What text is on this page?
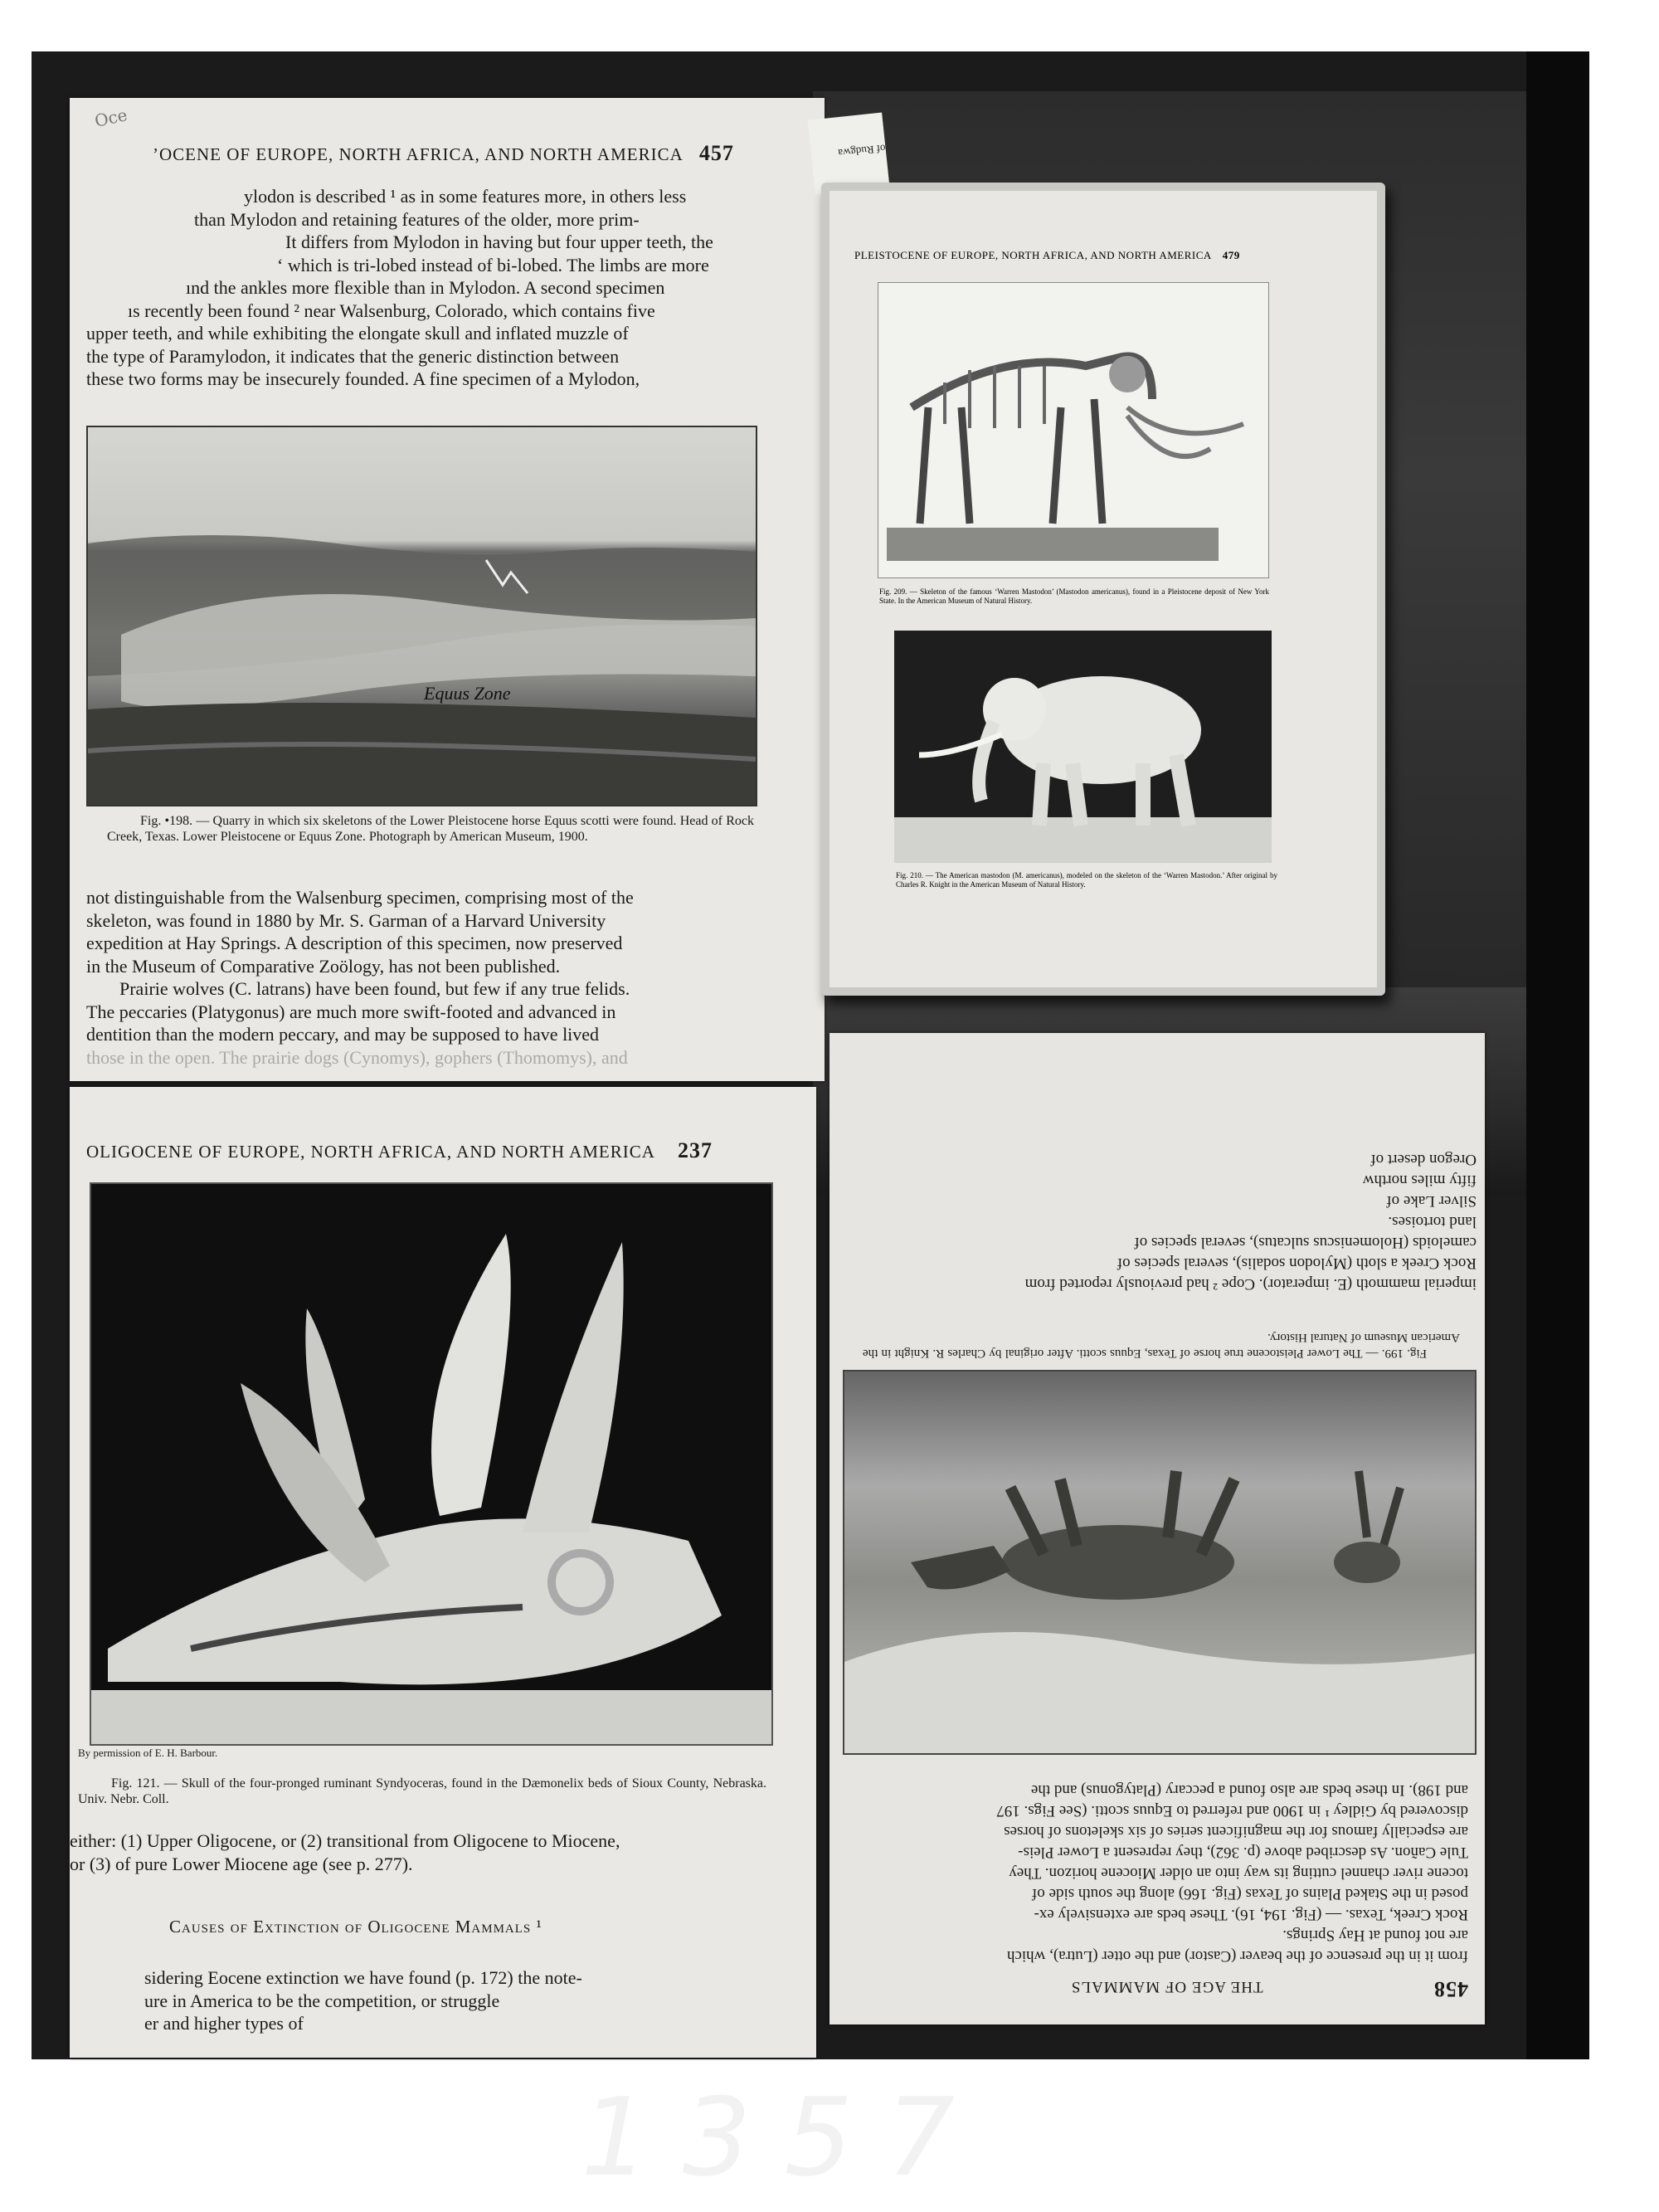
Oce
’OCENE OF EUROPE, NORTH AFRICA, AND NORTH AMERICA 457

ylodon is described ¹ as in some features more, in others less

than Mylodon and retaining features of the older, more prim-

It differs from Mylodon in having but four upper teeth, the

‘ which is tri-lobed instead of bi-lobed. The limbs are more

ınd the ankles more flexible than in Mylodon. A second specimen

ıs recently been found ² near Walsenburg, Colorado, which contains five

upper teeth, and while exhibiting the elongate skull and inflated muzzle of

the type of Paramylodon, it indicates that the generic distinction between

these two forms may be insecurely founded. A fine specimen of a Mylodon,

Equus Zone
Fig. •198. — Quarry in which six skeletons of the Lower Pleistocene horse Equus scotti were found. Head of Rock Creek, Texas. Lower Pleistocene or Equus Zone. Photograph by American Museum, 1900.

not distinguishable from the Walsenburg specimen, comprising most of the

skeleton, was found in 1880 by Mr. S. Garman of a Harvard University

expedition at Hay Springs. A description of this specimen, now preserved

in the Museum of Comparative Zoölogy, has not been published.

Prairie wolves (C. latrans) have been found, but few if any true felids.

The peccaries (Platygonus) are much more swift-footed and advanced in

dentition than the modern peccary, and may be supposed to have lived

those in the open. The prairie dogs (Cynomys), gophers (Thomomys), and

of Rudgwa
PLEISTOCENE OF EUROPE, NORTH AFRICA, AND NORTH AMERICA 479
Fig. 209. — Skeleton of the famous ‘Warren Mastodon’ (Mastodon americanus), found in a Pleistocene deposit of New York State. In the American Museum of Natural History.
Fig. 210. — The American mastodon (M. americanus), modeled on the skeleton of the ‘Warren Mastodon.’ After original by Charles R. Knight in the American Museum of Natural History.
OLIGOCENE OF EUROPE, NORTH AFRICA, AND NORTH AMERICA 237
By permission of E. H. Barbour.
Fig. 121. — Skull of the four-pronged ruminant Syndyoceras, found in the Dæmonelix beds of Sioux County, Nebraska. Univ. Nebr. Coll.

either: (1) Upper Oligocene, or (2) transitional from Oligocene to Miocene,

or (3) of pure Lower Miocene age (see p. 277).

Causes of Extinction of Oligocene Mammals ¹

sidering Eocene extinction we have found (p. 172) the note-

ure in America to be the competition, or struggle

er and higher types of

458 THE AGE OF MAMMALS

from it in the presence of the beaver (Castor) and the otter (Lutra), which

are not found at Hay Springs.

Rock Creek, Texas. — (Fig. 194, 16). These beds are extensively ex-

posed in the Staked Plains of Texas (Fig. 166) along the south side of

tocene river channel cutting its way into an older Miocene horizon. They

Tule Cañon. As described above (p. 362), they represent a Lower Pleis-

are especially famous for the magnificent series of six skeletons of horses

discovered by Gidley ¹ in 1900 and referred to Equus scotti. (See Figs. 197

and 198). In these beds are also found a peccary (Platygonus) and the

Fig. 199. — The Lower Pleistocene true horse of Texas, Equus scotti. After original by Charles R. Knight in the American Museum of Natural History.

imperial mammoth (E. imperator). Cope ² had previously reported from

Rock Creek a sloth (Mylodon sodalis), several species of

cameloids (Holomeniscus sulcatus), several species of

land tortoises.

Silver Lake of

fifty miles northw

Oregon desert of

1357
